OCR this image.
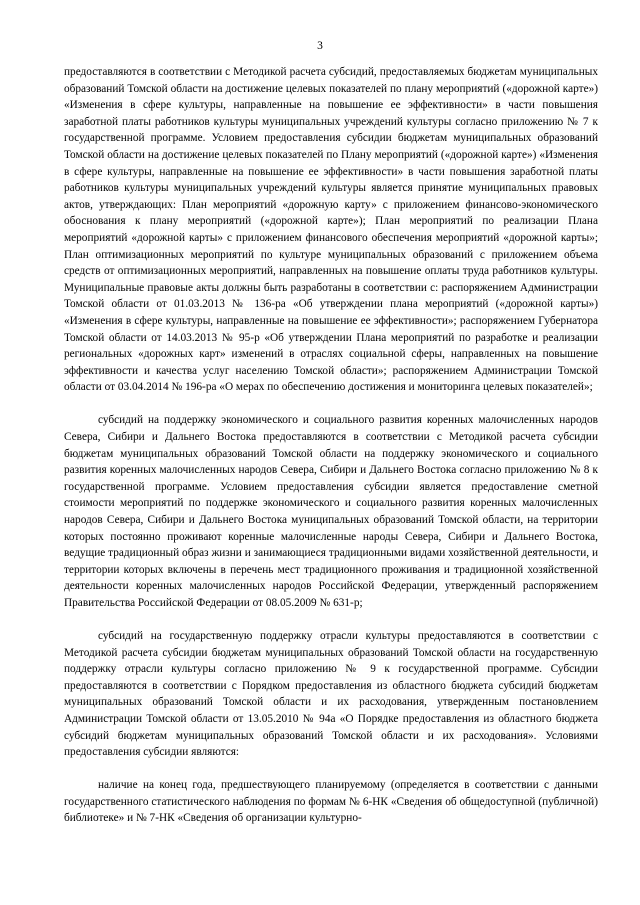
3

предоставляются в соответствии с Методикой расчета субсидий, предоставляемых бюджетам муниципальных образований Томской области на достижение целевых показателей по плану мероприятий («дорожной карте») «Изменения в сфере культуры, направленные на повышение ее эффективности» в части повышения заработной платы работников культуры муниципальных учреждений культуры согласно приложению № 7 к государственной программе. Условием предоставления субсидии бюджетам муниципальных образований Томской области на достижение целевых показателей по Плану мероприятий («дорожной карте») «Изменения в сфере культуры, направленные на повышение ее эффективности» в части повышения заработной платы работников культуры муниципальных учреждений культуры является принятие муниципальных правовых актов, утверждающих: План мероприятий «дорожную карту» с приложением финансово-экономического обоснования к плану мероприятий («дорожной карте»); План мероприятий по реализации Плана мероприятий «дорожной карты» с приложением финансового обеспечения мероприятий «дорожной карты»; План оптимизационных мероприятий по культуре муниципальных образований с приложением объема средств от оптимизационных мероприятий, направленных на повышение оплаты труда работников культуры. Муниципальные правовые акты должны быть разработаны в соответствии с: распоряжением Администрации Томской области от 01.03.2013 № 136-ра «Об утверждении плана мероприятий («дорожной карты») «Изменения в сфере культуры, направленные на повышение ее эффективности»; распоряжением Губернатора Томской области от 14.03.2013 № 95-р «Об утверждении Плана мероприятий по разработке и реализации региональных «дорожных карт» изменений в отраслях социальной сферы, направленных на повышение эффективности и качества услуг населению Томской области»; распоряжением Администрации Томской области от 03.04.2014 № 196-ра «О мерах по обеспечению достижения и мониторинга целевых показателей»;

субсидий на поддержку экономического и социального развития коренных малочисленных народов Севера, Сибири и Дальнего Востока предоставляются в соответствии с Методикой расчета субсидии бюджетам муниципальных образований Томской области на поддержку экономического и социального развития коренных малочисленных народов Севера, Сибири и Дальнего Востока согласно приложению № 8 к государственной программе. Условием предоставления субсидии является предоставление сметной стоимости мероприятий по поддержке экономического и социального развития коренных малочисленных народов Севера, Сибири и Дальнего Востока муниципальных образований Томской области, на территории которых постоянно проживают коренные малочисленные народы Севера, Сибири и Дальнего Востока, ведущие традиционный образ жизни и занимающиеся традиционными видами хозяйственной деятельности, и территории которых включены в перечень мест традиционного проживания и традиционной хозяйственной деятельности коренных малочисленных народов Российской Федерации, утвержденный распоряжением Правительства Российской Федерации от 08.05.2009 № 631-р;

субсидий на государственную поддержку отрасли культуры предоставляются в соответствии с Методикой расчета субсидии бюджетам муниципальных образований Томской области на государственную поддержку отрасли культуры согласно приложению № 9 к государственной программе. Субсидии предоставляются в соответствии с Порядком предоставления из областного бюджета субсидий бюджетам муниципальных образований Томской области и их расходования, утвержденным постановлением Администрации Томской области от 13.05.2010 № 94а «О Порядке предоставления из областного бюджета субсидий бюджетам муниципальных образований Томской области и их расходования». Условиями предоставления субсидии являются:

наличие на конец года, предшествующего планируемому (определяется в соответствии с данными государственного статистического наблюдения по формам № 6-НК «Сведения об общедоступной (публичной) библиотеке» и № 7-НК «Сведения об организации культурно-
